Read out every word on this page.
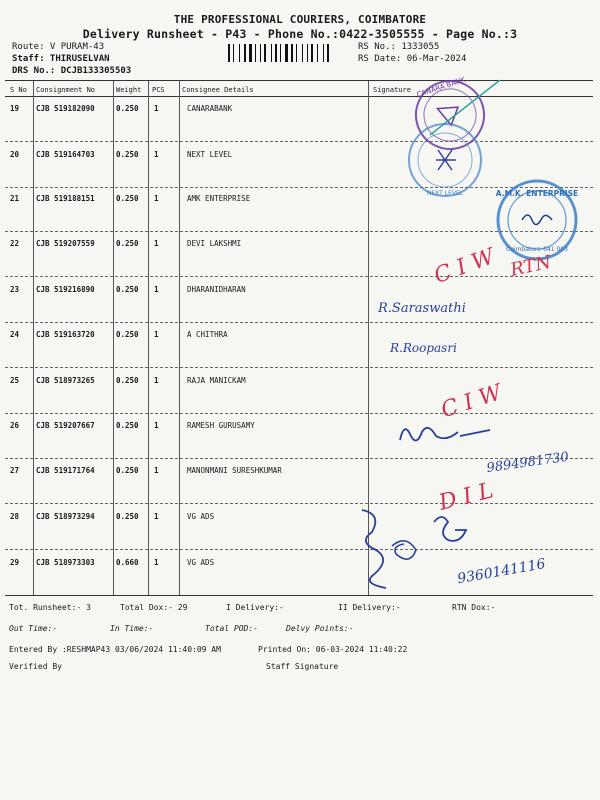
THE PROFESSIONAL COURIERS, COIMBATORE
Delivery Runsheet - P43 - Phone No.:0422-3505555 - Page No.:3
Route: V PURAM-43
Staff: THIRUSELVAN
DRS No.: DCJB133305503
RS No.: 1333055
RS Date: 06-Mar-2024
S No Consignment No	Weight PCS Consignee Details	Signature
19 CJB 519182090	0.250 1	CANARABANK
20 CJB 519164703	0.250 1	NEXT LEVEL
21 CJB 519188151	0.250 1	AMK ENTERPRISE
22 CJB 519207559	0.250 1	DEVI LAKSHMI
23 CJB 519216890	0.250 1	DHARANIDHARAN
24 CJB 519163720	0.250 1	A CHITHRA
25 CJB 518973265	0.250 1	RAJA MANICKAM
26 CJB 519207667	0.250 1	RAMESH GURUSAMY
27 CJB 519171764	0.250 1	MANONMANI SURESHKUMAR
28 CJB 518973294	0.250 1	VG ADS
29 CJB 518973303	0.660 1	VG ADS
Tot. Runsheet:- 3	Total Dox:- 29	I Delivery:-	II Delivery:-	RTN Dox:-
Out Time:-	In Time:-	Total POD:-	Delvy Points:-
Entered By :RESHMAP43 03/06/2024 11:40:09 AM	Printed On: 06-03-2024 11:40:22
Verified By	Staff Signature
CANARA BANK
NEXT LEVEL	A.M.K. ENTERPRISE
Coimbatore-641 003
C I W RTN
C I W
D I L
R.Saraswathi
R.Roopasri
9894981730
9360141116
